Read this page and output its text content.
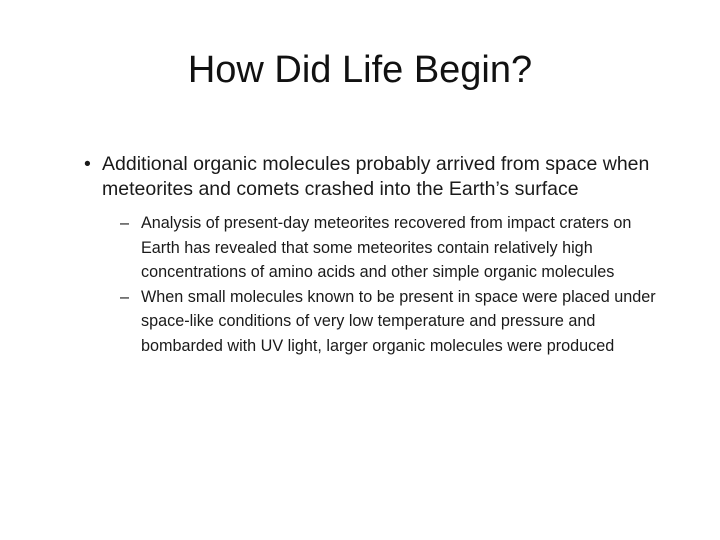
How Did Life Begin?
• Additional organic molecules probably arrived from space when meteorites and comets crashed into the Earth’s surface
– Analysis of present-day meteorites recovered from impact craters on Earth has revealed that some meteorites contain relatively high concentrations of amino acids and other simple organic molecules
– When small molecules known to be present in space were placed under space-like conditions of very low temperature and pressure and bombarded with UV light, larger organic molecules were produced
